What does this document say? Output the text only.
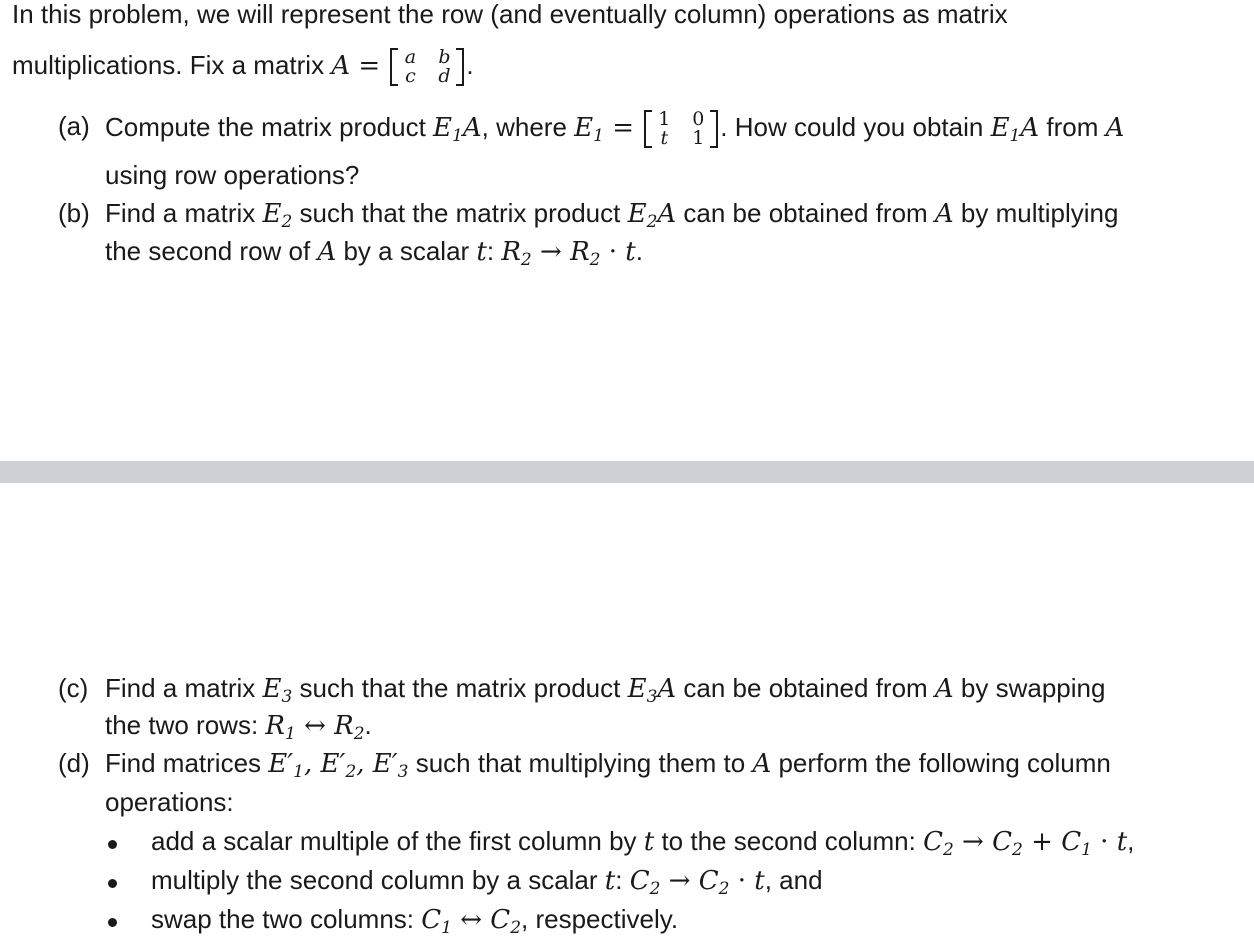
In this problem, we will represent the row (and eventually column) operations as matrix
multiplications. Fix a matrix A = a b
c d .
(a) Compute the matrix product $E_1A$, where $E_1 = 1$ 0
t	1 . How could you obtain $E_1A$ from A
using row operations?
(b) Find a matrix $E_2$ such that the matrix product $E_2A$ can be obtained from A by multiplying
the second row of A by a scalar t: $R_2 \to R_2 \cdot t$.
(c) Find a matrix $E_3$ such that the matrix product $E_3A$ can be obtained from A by swapping
the two rows: $R_1$ ↔ $R_2$.
(d) Find matrices $E'_1$, $E'_2$, $E'_3$ such that multiplying them to A perform the following column
operations:
add a scalar multiple of the first column by t to the second column: $C_2 \to C_2 + C_1 \cdot t$,
multiply the second column by a scalar t: $C_2 \to C_2 \cdot t$, and
swap the two columns: $C_1$ ↔ $C_2$, respectively.
